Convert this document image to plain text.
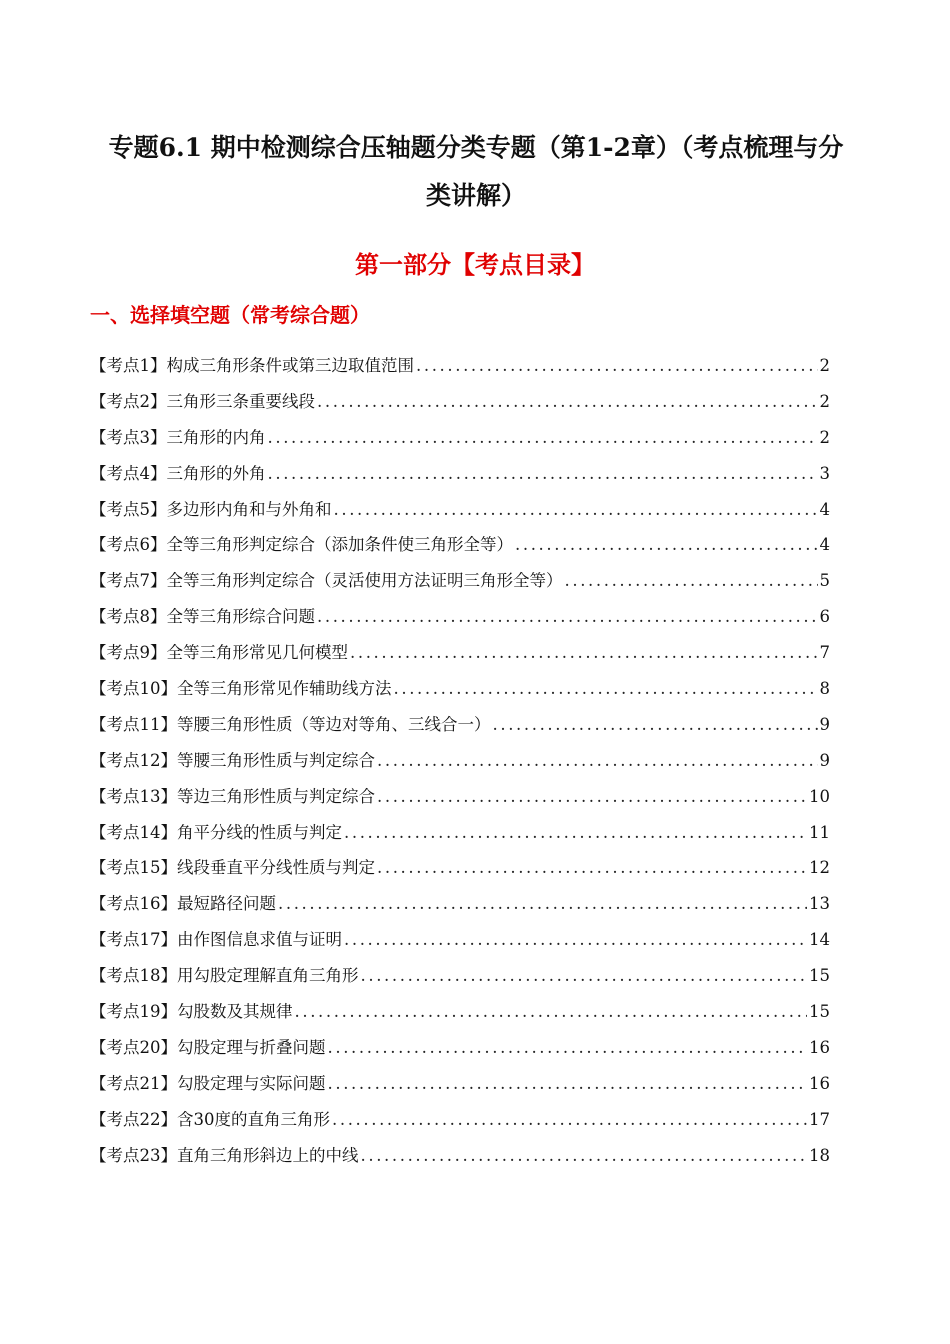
专题6.1 期中检测综合压轴题分类专题（第1-2章）（考点梳理与分
类讲解）
第一部分【考点目录】
一、选择填空题（常考综合题）
【考点1】 构成三角形条件或第三边取值范围 .....	2
【考点2】 三角形三条重要线段 .....	2
【考点3】 三角形的内角 .....	2
【考点4】 三角形的外角 .....	3
【考点5】 多边形内角和与外角和 .....	4
【考点6】 全等三角形判定综合（添加条件使三角形全等） .....	4
【考点7】 全等三角形判定综合（灵活使用方法证明三角形全等） .....	5
【考点8】 全等三角形综合问题 .....	6
【考点9】 全等三角形常见几何模型 .....	7
【考点10】 全等三角形常见作辅助线方法 .....	8
【考点11】 等腰三角形性质（等边对等角、三线合一） .....	9
【考点12】 等腰三角形性质与判定综合 .....	9
【考点13】 等边三角形性质与判定综合 .....	10
【考点14】 角平分线的性质与判定 .....	11
【考点15】 线段垂直平分线性质与判定 .....	12
【考点16】 最短路径问题 .....	13
【考点17】 由作图信息求值与证明 .....	14
【考点18】 用勾股定理解直角三角形 .....	15
【考点19】 勾股数及其规律 .....	15
【考点20】 勾股定理与折叠问题 .....	16
【考点21】 勾股定理与实际问题 .....	16
【考点22】 含30度的直角三角形 .....	17
【考点23】 直角三角形斜边上的中线 .....	18
